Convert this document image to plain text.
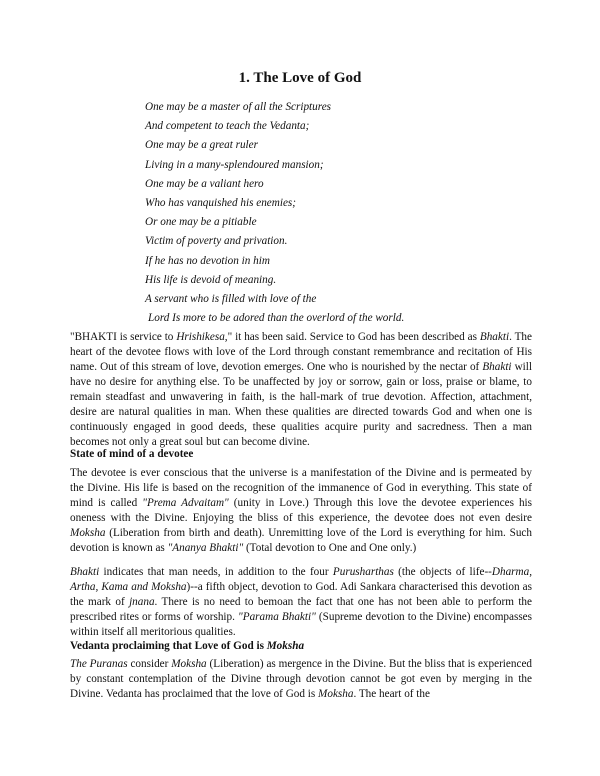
1. The Love of God
One may be a master of all the Scriptures
And competent to teach the Vedanta;
One may be a great ruler
Living in a many-splendoured mansion;
One may be a valiant hero
Who has vanquished his enemies;
Or one may be a pitiable
Victim of poverty and privation.
If he has no devotion in him
His life is devoid of meaning.
A servant who is filled with love of the
Lord Is more to be adored than the overlord of the world.

"BHAKTI is service to Hrishikesa," it has been said. Service to God has been described as Bhakti. The heart of the devotee flows with love of the Lord through constant remembrance and recitation of His name. Out of this stream of love, devotion emerges. One who is nourished by the nectar of Bhakti will have no desire for anything else. To be unaffected by joy or sorrow, gain or loss, praise or blame, to remain steadfast and unwavering in faith, is the hall-mark of true devotion. Affection, attachment, desire are natural qualities in man. When these qualities are directed towards God and when one is continuously engaged in good deeds, these qualities acquire purity and sacredness. Then a man becomes not only a great soul but can become divine.

State of mind of a devotee

The devotee is ever conscious that the universe is a manifestation of the Divine and is permeated by the Divine. His life is based on the recognition of the immanence of God in everything. This state of mind is called "Prema Advaitam" (unity in Love.) Through this love the devotee experiences his oneness with the Divine. Enjoying the bliss of this experience, the devotee does not even desire Moksha (Liberation from birth and death). Unremitting love of the Lord is everything for him. Such devotion is known as "Ananya Bhakti" (Total devotion to One and One only.)

Bhakti indicates that man needs, in addition to the four Purusharthas (the objects of life--Dharma, Artha, Kama and Moksha)--a fifth object, devotion to God. Adi Sankara characterised this devotion as the mark of jnana. There is no need to bemoan the fact that one has not been able to perform the prescribed rites or forms of worship. "Parama Bhakti" (Supreme devotion to the Divine) encompasses within itself all meritorious qualities.

Vedanta proclaiming that Love of God is Moksha

The Puranas consider Moksha (Liberation) as mergence in the Divine. But the bliss that is experienced by constant contemplation of the Divine through devotion cannot be got even by merging in the Divine. Vedanta has proclaimed that the love of God is Moksha. The heart of the
